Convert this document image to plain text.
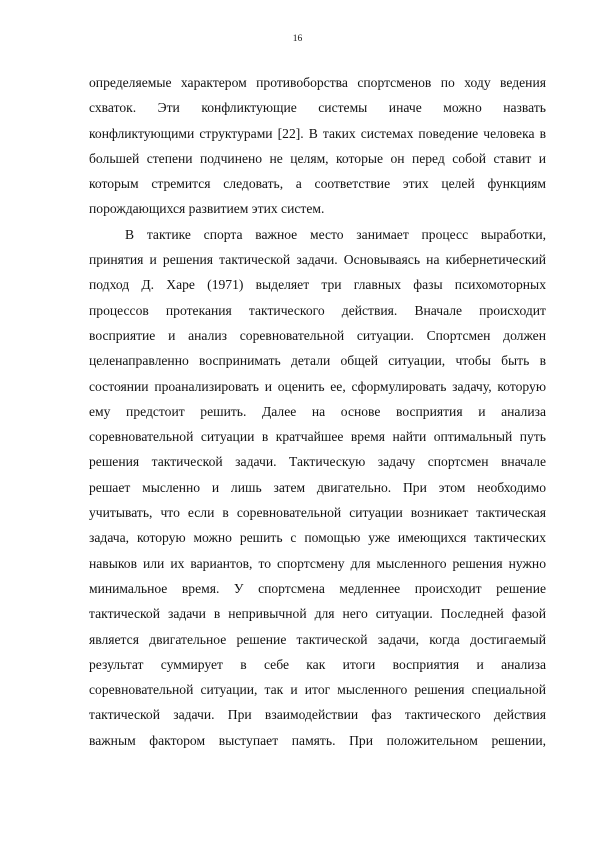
16
определяемые характером противоборства спортсменов по ходу ведения
схваток. Эти конфликтующие системы иначе можно назвать
конфликтующими структурами [22]. В таких системах поведение человека в
большей степени подчинено не целям, которые он перед собой ставит и
которым стремится следовать, а соответствие этих целей функциям
порождающихся развитием этих систем.
В тактике спорта важное место занимает процесс выработки,
принятия и решения тактической задачи. Основываясь на кибернетический
подход Д. Харе (1971) выделяет три главных фазы психомоторных
процессов протекания тактического действия. Вначале происходит
восприятие и анализ соревновательной ситуации. Спортсмен должен
целенаправленно воспринимать детали общей ситуации, чтобы быть в
состоянии проанализировать и оценить ее, сформулировать задачу, которую
ему предстоит решить. Далее на основе восприятия и анализа
соревновательной ситуации в кратчайшее время найти оптимальный путь
решения тактической задачи. Тактическую задачу спортсмен вначале
решает мысленно и лишь затем двигательно. При этом необходимо
учитывать, что если в соревновательной ситуации возникает тактическая
задача, которую можно решить с помощью уже имеющихся тактических
навыков или их вариантов, то спортсмену для мысленного решения нужно
минимальное время. У спортсмена медленнее происходит решение
тактической задачи в непривычной для него ситуации. Последней фазой
является двигательное решение тактической задачи, когда достигаемый
результат суммирует в себе как итоги восприятия и анализа
соревновательной ситуации, так и итог мысленного решения специальной
тактической задачи. При взаимодействии фаз тактического действия
важным фактором выступает память. При положительном решении,
